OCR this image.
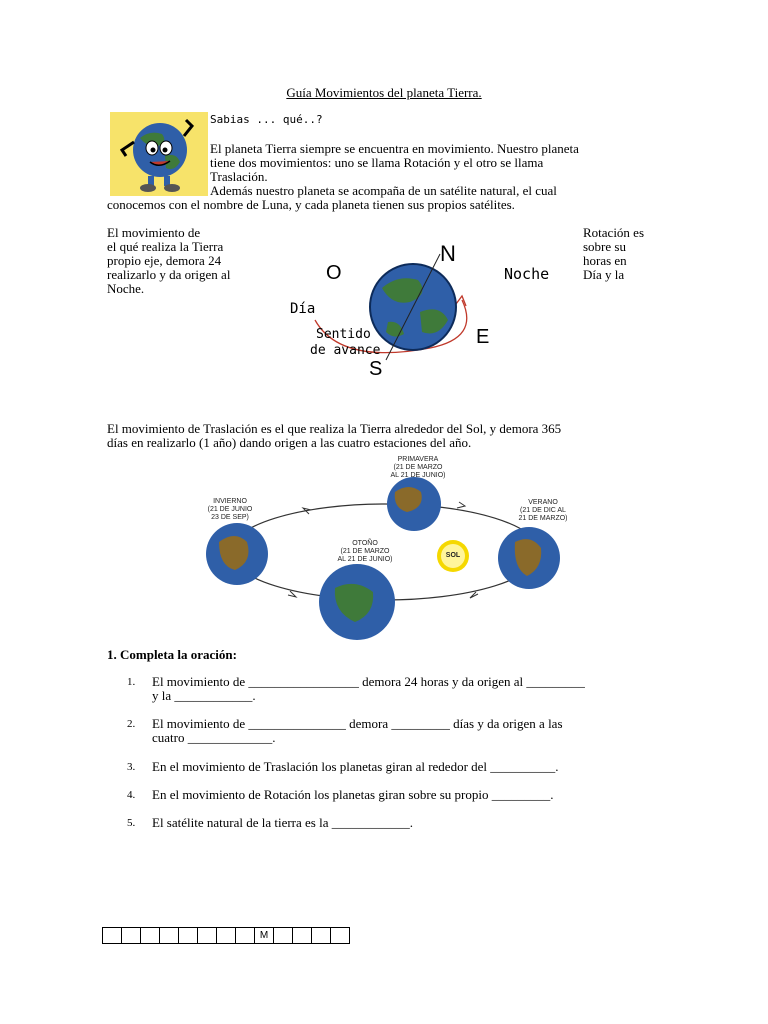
Guía Movimientos del planeta Tierra.
Sabias ... qué..?
El planeta Tierra siempre se encuentra en movimiento. Nuestro planeta
tiene dos movimientos: uno se llama Rotación y el otro se llama
Traslación.
Además nuestro planeta se acompaña de un satélite natural, el cual
conocemos con el nombre de Luna, y cada planeta tienen sus propios satélites.
El movimiento de
el qué realiza la Tierra
propio eje, demora 24
realizarlo y da origen al
Noche.
Rotación es
sobre su
horas en
Día y la
N
O
E
S
Noche
Día
Sentido
de avance
El movimiento de Traslación es el que realiza la Tierra alrededor del Sol, y demora 365
días en realizarlo (1 año) dando origen a las cuatro estaciones del año.
PRIMAVERA
(21 DE MARZO
AL 21 DE JUNIO)
INVIERNO
(21 DE JUNIO
23 DE SEP)
VERANO
(21 DE DIC AL
21 DE MARZO)
OTOÑO
(21 DE MARZO
AL 21 DE JUNIO)
SOL
1. Completa la oración:
1. El movimiento de _________________ demora 24 horas y da origen al _________
y la ____________.
2. El movimiento de _______________ demora _________ días y da origen a las
cuatro _____________.
3. En el movimiento de Traslación los planetas giran al rededor del __________.
4. En el movimiento de Rotación los planetas giran sobre su propio _________.
5. El satélite natural de la tierra es la ____________.
M
